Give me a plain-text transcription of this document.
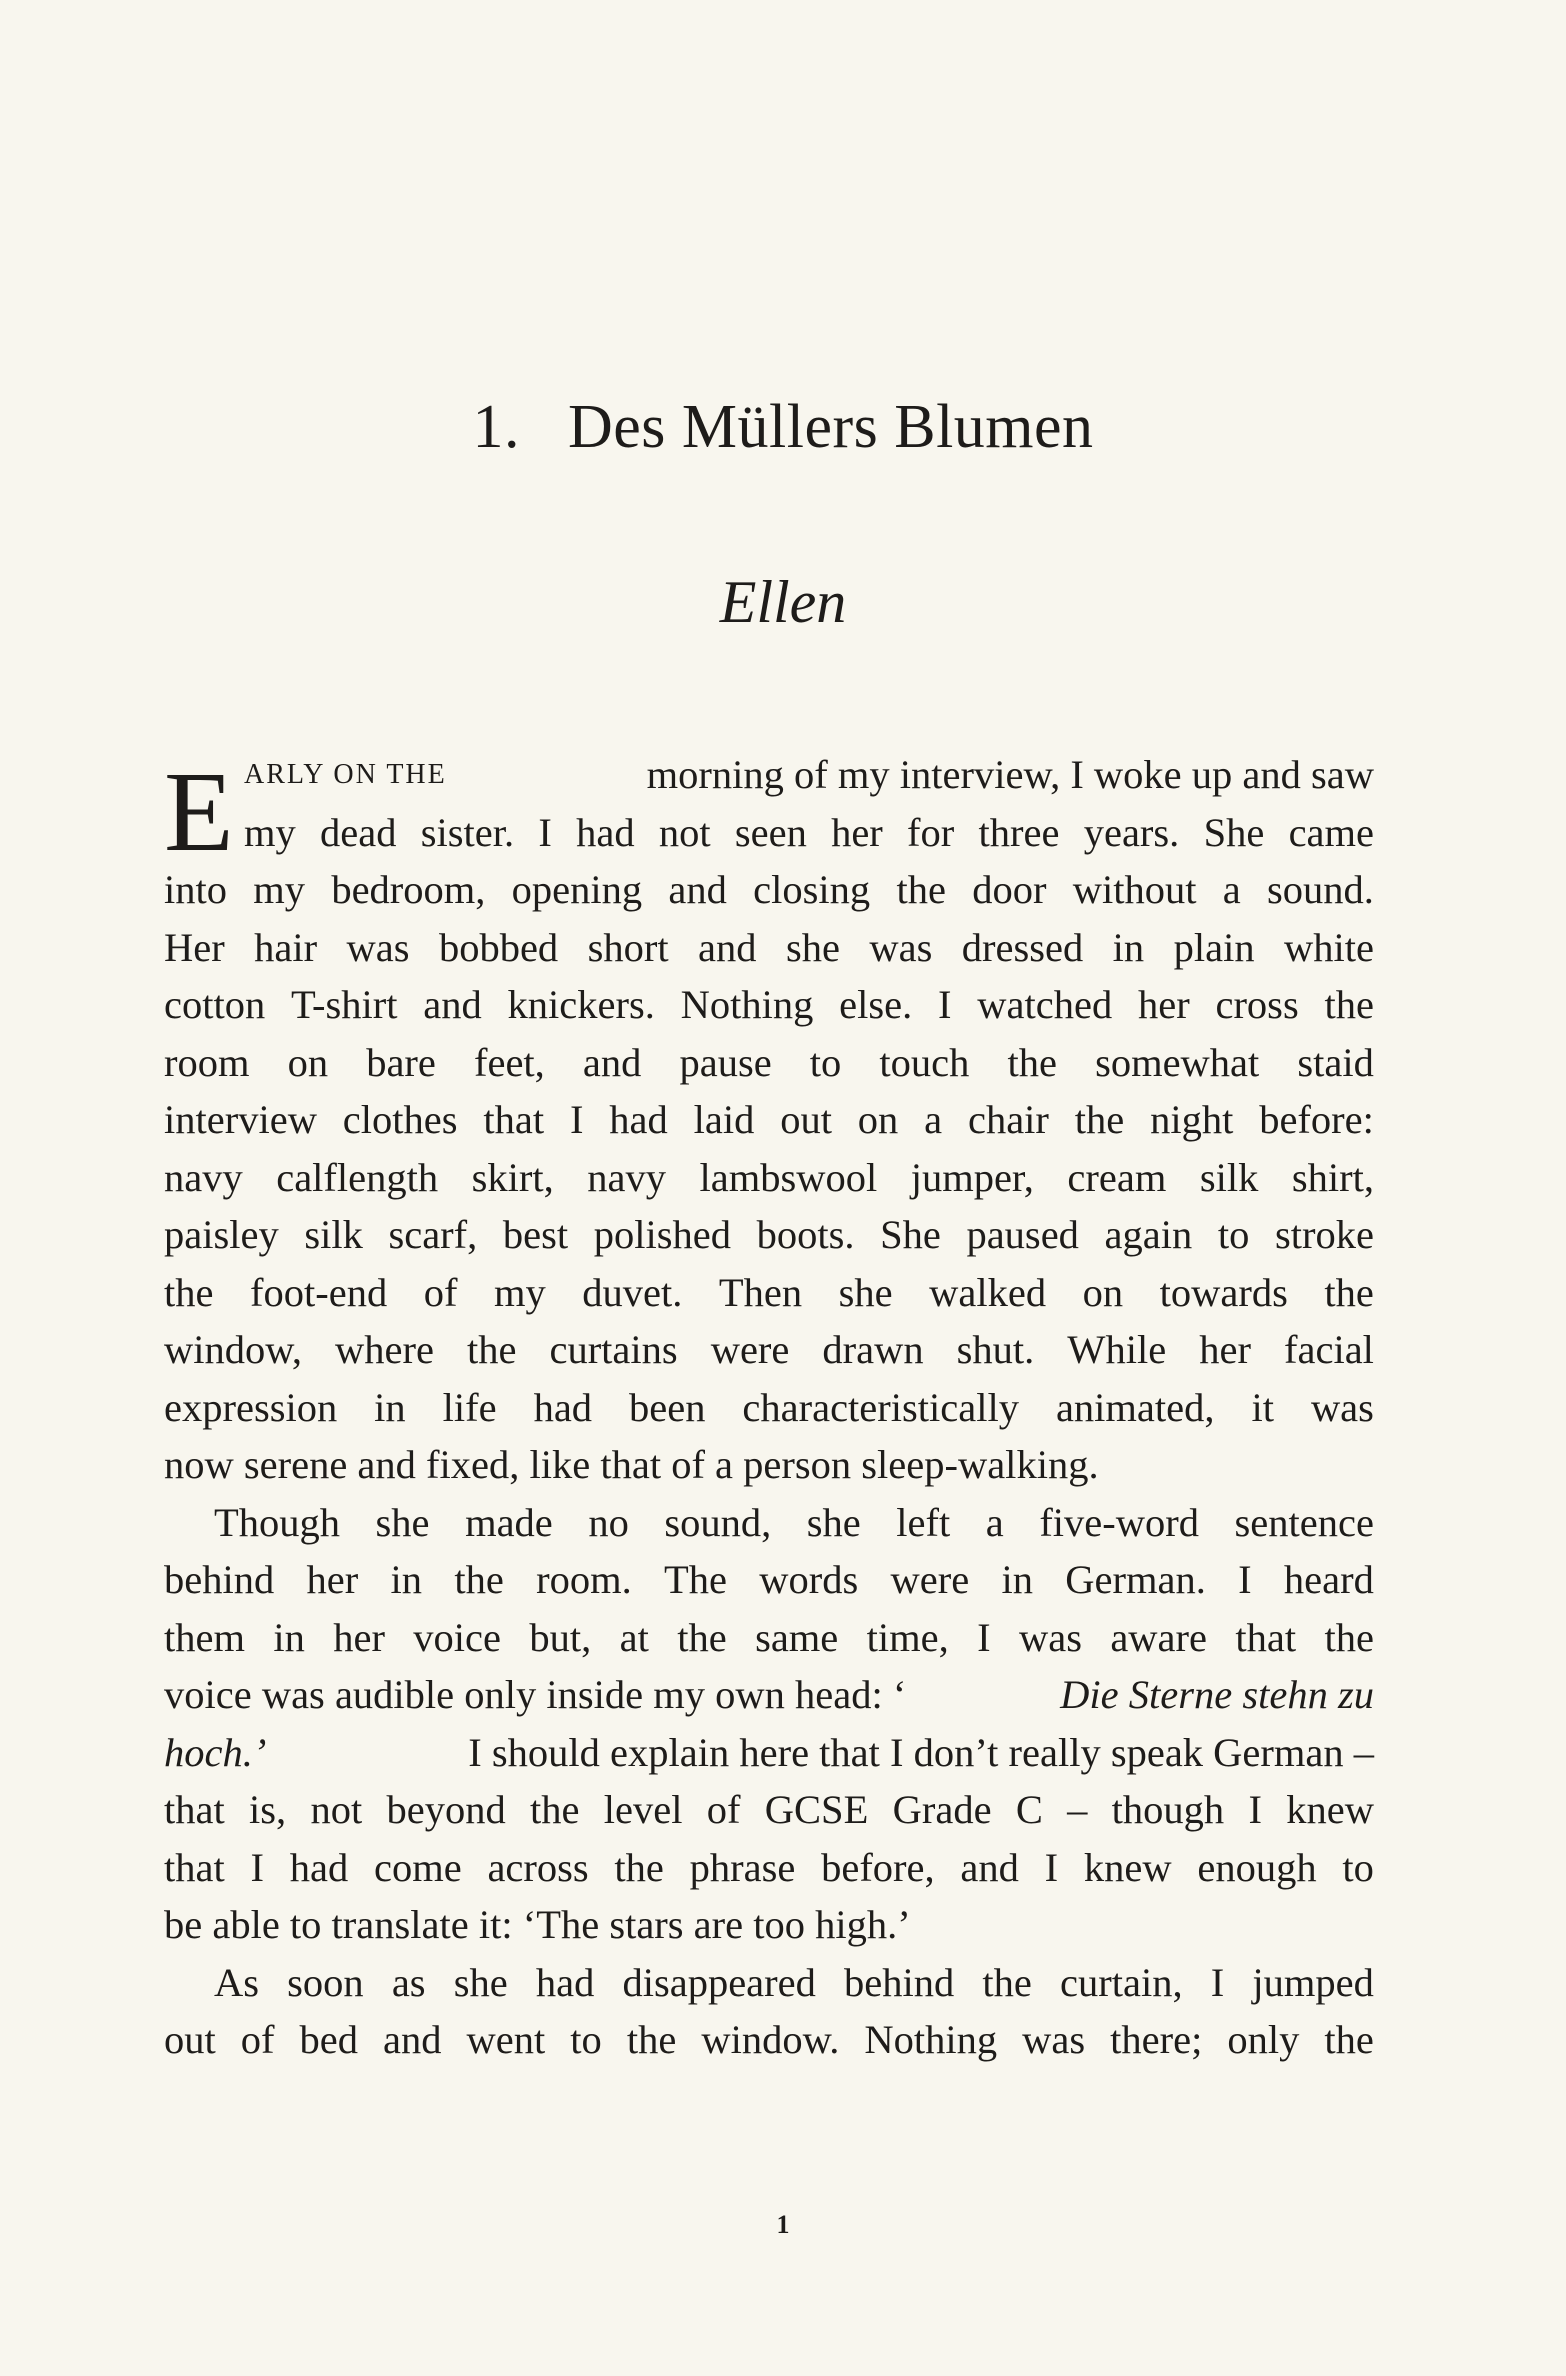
1. Des Müllers Blumen
Ellen
E ARLY ON THE
	morning of my interview, I woke up and saw
my dead sister. I had not seen her for three years. She came
into my bedroom, opening and closing the door without a sound.
Her hair was bobbed short and she was dressed in plain white
cotton T-shirt and knickers. Nothing else. I watched her cross the
room on bare feet, and pause to touch the somewhat staid
interview clothes that I had laid out on a chair the night before:
navy calflength skirt, navy lambswool jumper, cream silk shirt,
paisley silk scarf, best polished boots. She paused again to stroke
the foot-end of my duvet. Then she walked on towards the
window, where the curtains were drawn shut. While her facial
expression in life had been characteristically animated, it was
now serene and fixed, like that of a person sleep-walking.
Though she made no sound, she left a five-word sentence
behind her in the room. The words were in German. I heard
them in her voice but, at the same time, I was aware that the
voice was audible only inside my own head: ‘	Die Sterne stehn zu
hoch.’
	I should explain here that I don’t really speak German –
that is, not beyond the level of GCSE Grade C – though I knew
that I had come across the phrase before, and I knew enough to
be able to translate it: ‘The stars are too high.’
As soon as she had disappeared behind the curtain, I jumped
out of bed and went to the window. Nothing was there; only the
1
